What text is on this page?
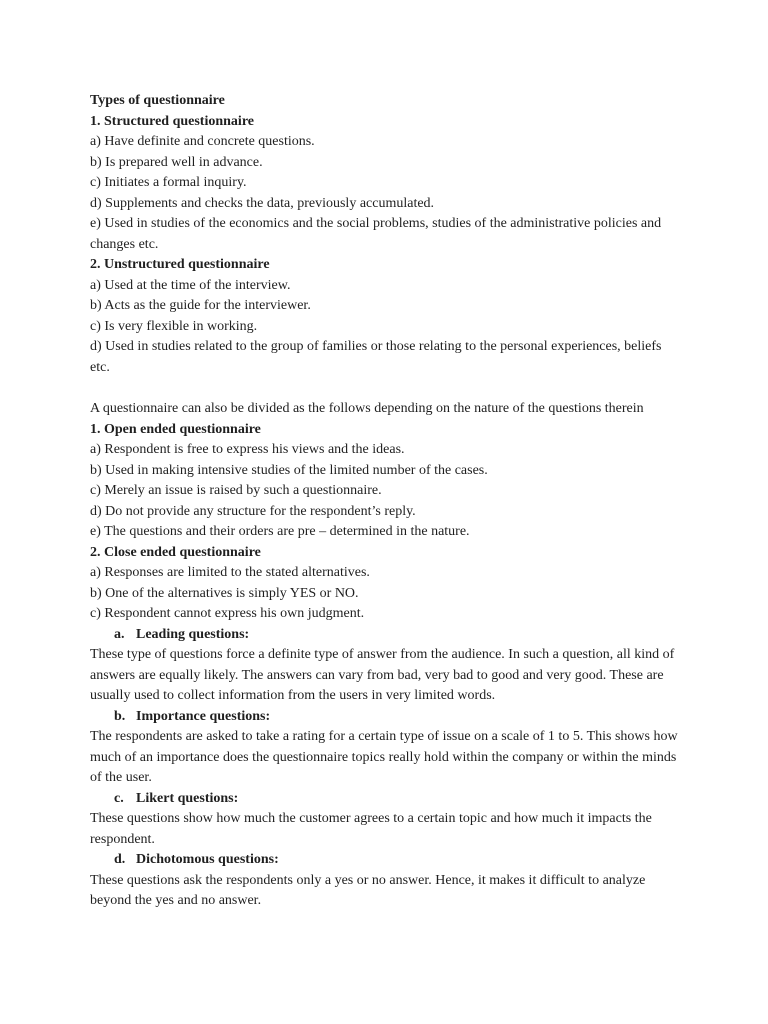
Types of questionnaire

1. Structured questionnaire

a) Have definite and concrete questions.

b) Is prepared well in advance.

c) Initiates a formal inquiry.

d) Supplements and checks the data, previously accumulated.

e) Used in studies of the economics and the social problems, studies of the administrative policies and changes etc.

2. Unstructured questionnaire

a) Used at the time of the interview.

b) Acts as the guide for the interviewer.

c) Is very flexible in working.

d) Used in studies related to the group of families or those relating to the personal experiences, beliefs etc.

A questionnaire can also be divided as the follows depending on the nature of the questions therein

1. Open ended questionnaire

a) Respondent is free to express his views and the ideas.

b) Used in making intensive studies of the limited number of the cases.

c) Merely an issue is raised by such a questionnaire.

d) Do not provide any structure for the respondent’s reply.

e) The questions and their orders are pre – determined in the nature.

2. Close ended questionnaire

a) Responses are limited to the stated alternatives.

b) One of the alternatives is simply YES or NO.

c) Respondent cannot express his own judgment.

a. Leading questions:

These type of questions force a definite type of answer from the audience. In such a question, all kind of answers are equally likely. The answers can vary from bad, very bad to good and very good. These are usually used to collect information from the users in very limited words.

b. Importance questions:

The respondents are asked to take a rating for a certain type of issue on a scale of 1 to 5. This shows how much of an importance does the questionnaire topics really hold within the company or within the minds of the user.

c. Likert questions:

These questions show how much the customer agrees to a certain topic and how much it impacts the respondent.

d. Dichotomous questions:

These questions ask the respondents only a yes or no answer. Hence, it makes it difficult to analyze beyond the yes and no answer.
